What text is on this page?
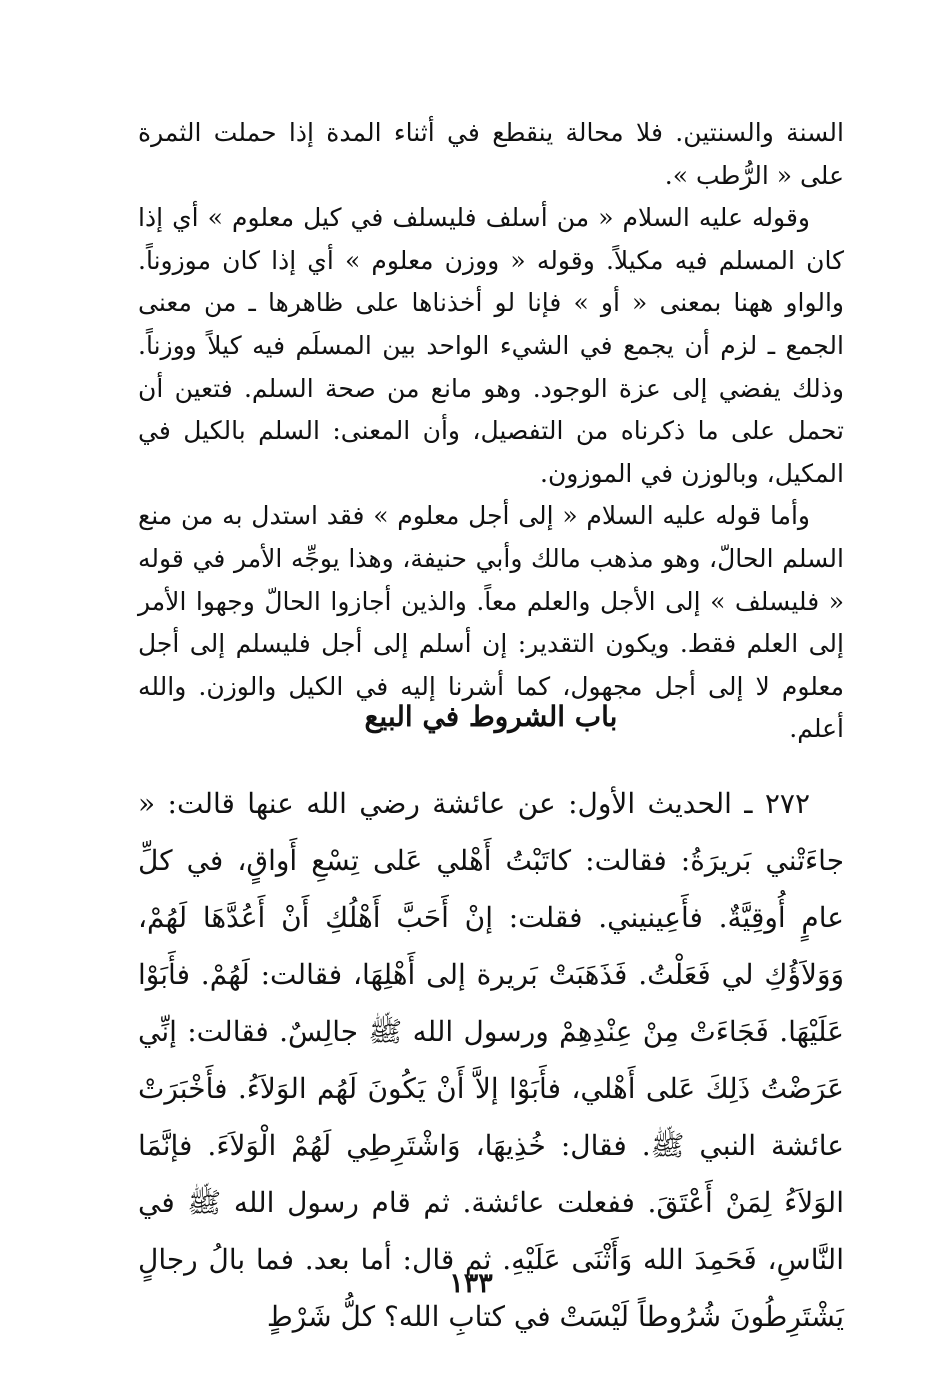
السنة والسنتين. فلا محالة ينقطع في أثناء المدة إذا حملت الثمرة على « الرُّطب ».

وقوله عليه السلام « من أسلف فليسلف في كيل معلوم » أي إذا كان المسلم فيه مكيلاً. وقوله « ووزن معلوم » أي إذا كان موزوناً. والواو ههنا بمعنى « أو » فإنا لو أخذناها على ظاهرها ـ من معنى الجمع ـ لزم أن يجمع في الشيء الواحد بين المسلَم فيه كيلاً ووزناً. وذلك يفضي إلى عزة الوجود. وهو مانع من صحة السلم. فتعين أن تحمل على ما ذكرناه من التفصيل، وأن المعنى: السلم بالكيل في المكيل، وبالوزن في الموزون.

وأما قوله عليه السلام « إلى أجل معلوم » فقد استدل به من منع السلم الحالّ، وهو مذهب مالك وأبي حنيفة، وهذا يوجِّه الأمر في قوله « فليسلف » إلى الأجل والعلم معاً. والذين أجازوا الحالّ وجهوا الأمر إلى العلم فقط. ويكون التقدير: إن أسلم إلى أجل فليسلم إلى أجل معلوم لا إلى أجل مجهول، كما أشرنا إليه في الكيل والوزن. والله أعلم.

باب الشروط في البيع

٢٧٢ ـ الحديث الأول: عن عائشة رضي الله عنها قالت: « جاءَتْني بَريرَةُ: فقالت: كاتَبْتُ أَهْلي عَلى تِسْعِ أَواقٍ، في كلِّ عامٍ أُوقِيَّةٌ. فأَعِينيني. فقلت: إنْ أَحَبَّ أَهْلُكِ أَنْ أَعُدَّهَا لَهُمْ، وَوَلاَؤُكِ لي فَعَلْتُ. فَذَهَبَتْ بَريرة إلى أَهْلِهَا، فقالت: لَهُمْ. فأَبَوْا عَلَيْهَا. فَجَاءَتْ مِنْ عِنْدِهِمْ ورسول الله ﷺ جالِسٌ. فقالت: إنِّي عَرَضْتُ ذَلِكَ عَلى أَهْلي، فأَبَوْا إلاَّ أَنْ يَكُونَ لَهُم الوَلاَءُ. فأَخْبَرَتْ عائشة النبي ﷺ. فقال: خُذِيهَا، وَاشْتَرِطِي لَهُمْ الْوَلاَءَ. فإنَّمَا الوَلاَءُ لِمَنْ أَعْتَقَ. ففعلت عائشة. ثم قام رسول الله ﷺ في النَّاسِ، فَحَمِدَ الله وَأَثْنَى عَلَيْهِ. ثم قال: أما بعد. فما بالُ رجالٍ يَشْتَرِطُونَ شُرُوطاً لَيْسَتْ في كتابِ الله؟ كلُّ شَرْطٍ

١٣٣
